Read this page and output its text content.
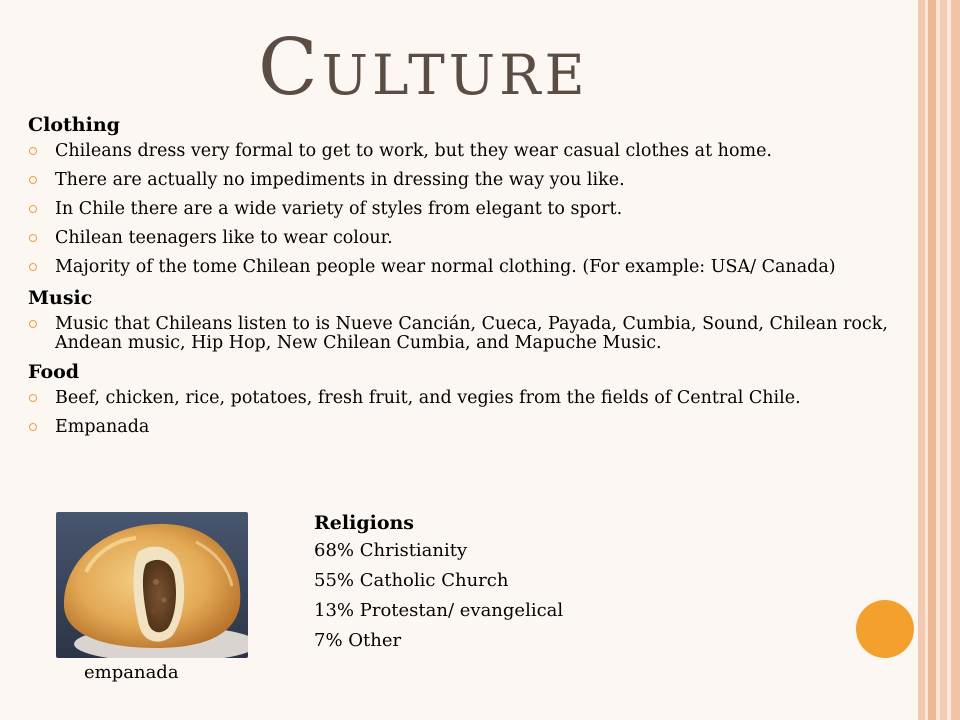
Culture
Clothing
Chileans dress very formal to get to work, but they wear casual clothes at home.
There are actually no impediments in dressing the way you like.
In Chile there are a wide variety of styles from elegant to sport.
Chilean teenagers like to wear colour.
Majority of the tome Chilean people wear normal clothing. (For example: USA/ Canada)
Music
Music that Chileans listen to is Nueve Cancián, Cueca, Payada, Cumbia, Sound, Chilean rock, Andean music, Hip Hop, New Chilean Cumbia, and Mapuche Music.
Food
Beef, chicken, rice, potatoes, fresh fruit, and vegies from the fields of Central Chile.
Empanada
empanada
Religions
68% Christianity
55% Catholic Church
13% Protestan/ evangelical
7% Other
